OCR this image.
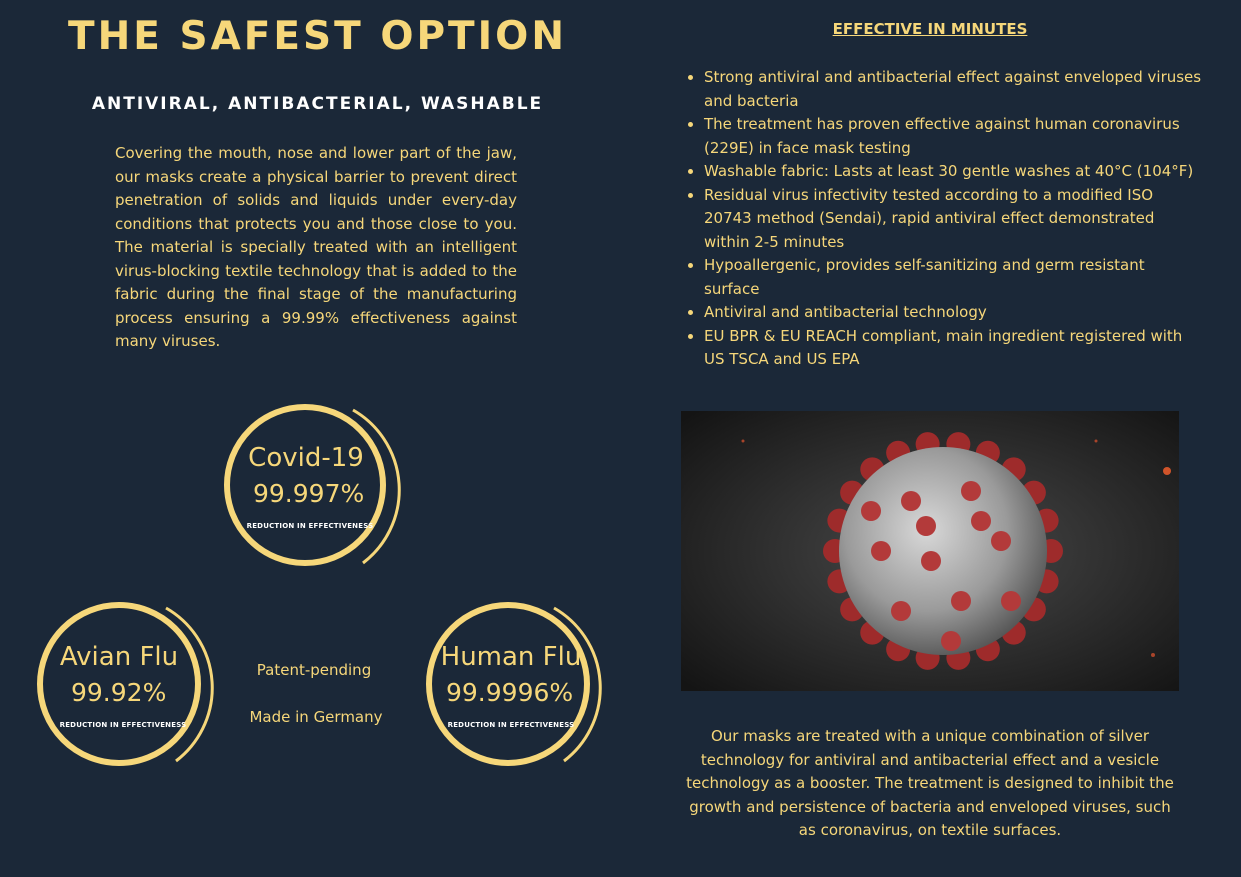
THE SAFEST OPTION
ANTIVIRAL, ANTIBACTERIAL, WASHABLE

Covering the mouth, nose and lower part of the jaw, our masks create a physical barrier to prevent direct penetration of solids and liquids under every-day conditions that protects you and those close to you. The material is specially treated with an intelligent virus-blocking textile technology that is added to the fabric during the final stage of the manufacturing process ensuring a 99.99% effectiveness against many viruses.

Covid-19
99.997%
REDUCTION IN EFFECTIVENESS
Avian Flu
99.92%
REDUCTION IN EFFECTIVENESS
Human Flu
99.9996%
REDUCTION IN EFFECTIVENESS
Patent-pending
Made in Germany
EFFECTIVE IN MINUTES
• Strong antiviral and antibacterial effect against enveloped viruses and bacteria
• The treatment has proven effective against human coronavirus (229E) in face mask testing
• Washable fabric: Lasts at least 30 gentle washes at 40°C (104°F)
• Residual virus infectivity tested according to a modified ISO 20743 method (Sendai), rapid antiviral effect demonstrated within 2-5 minutes
• Hypoallergenic, provides self-sanitizing and germ resistant surface
• Antiviral and antibacterial technology
• EU BPR & EU REACH compliant, main ingredient registered with US TSCA and US EPA

Our masks are treated with a unique combination of silver technology for antiviral and antibacterial effect and a vesicle technology as a booster. The treatment is designed to inhibit the growth and persistence of bacteria and enveloped viruses, such as coronavirus, on textile surfaces.
